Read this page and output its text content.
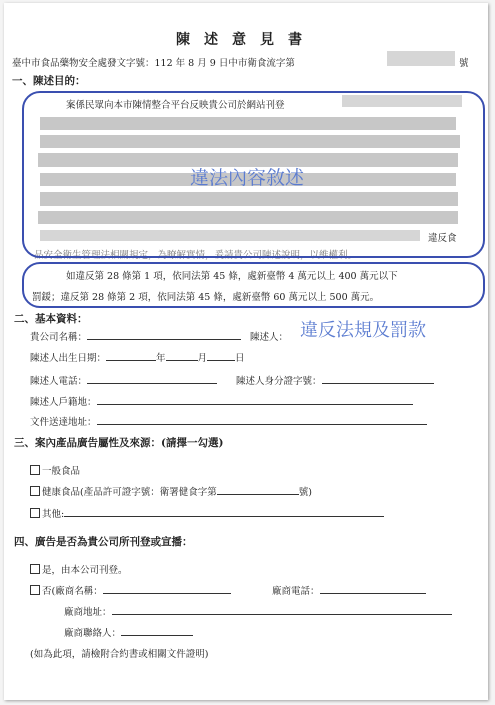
陳述意見書
臺中市食品藥物安全處發文字號：112 年 8 月 9 日中市衛食流字第	號
一、陳述目的：
案係民眾向本市陳情整合平台反映貴公司於網站刊登
違反食
品安全衛生管理法相關規定，為瞭解實情，爰請貴公司陳述說明，以維權利。
違法內容敘述
如違反第 28 條第 1 項，依同法第 45 條，處新臺幣 4 萬元以上 400 萬元以下
罰鍰；違反第 28 條第 2 項，依同法第 45 條，處新臺幣 60 萬元以上 500 萬元。
違反法規及罰款
二、基本資料：
貴公司名稱：	陳述人：
陳述人出生日期：	年	月	日
陳述人電話：	陳述人身分證字號：
陳述人戶籍地：
文件送達地址：
三、案內產品廣告屬性及來源：(請擇一勾選)
一般食品
健康食品(產品許可證字號：衛署健食字第	號)
其他:
四、廣告是否為貴公司所刊登或宣播：
是，由本公司刊登。
否(廠商名稱：	廠商電話：
廠商地址：
廠商聯絡人：
(如為此項，請檢附合約書或相關文件證明)
